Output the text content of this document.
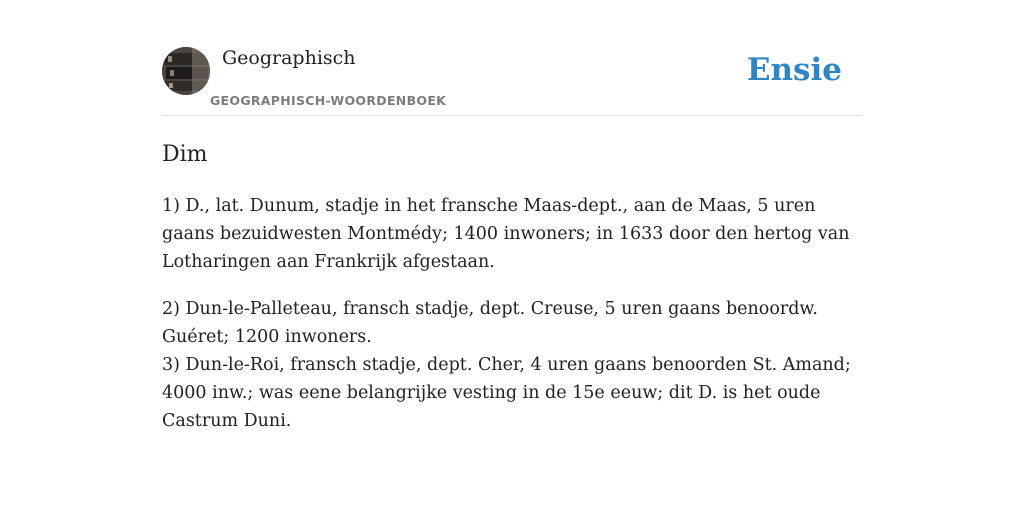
Geographisch
GEOGRAPHISCH-WOORDENBOEK
Ensie
Dim

1) D., lat. Dunum, stadje in het fransche Maas-dept., aan de Maas, 5 uren gaans bezuidwesten Montmédy; 1400 inwoners; in 1633 door den hertog van Lotharingen aan Frankrijk afgestaan.

2) Dun-le-Palleteau, fransch stadje, dept. Creuse, 5 uren gaans benoordw. Guéret; 1200 inwoners.

3) Dun-le-Roi, fransch stadje, dept. Cher, 4 uren gaans benoorden St. Amand; 4000 inw.; was eene belangrijke vesting in de 15e eeuw; dit D. is het oude Castrum Duni.
